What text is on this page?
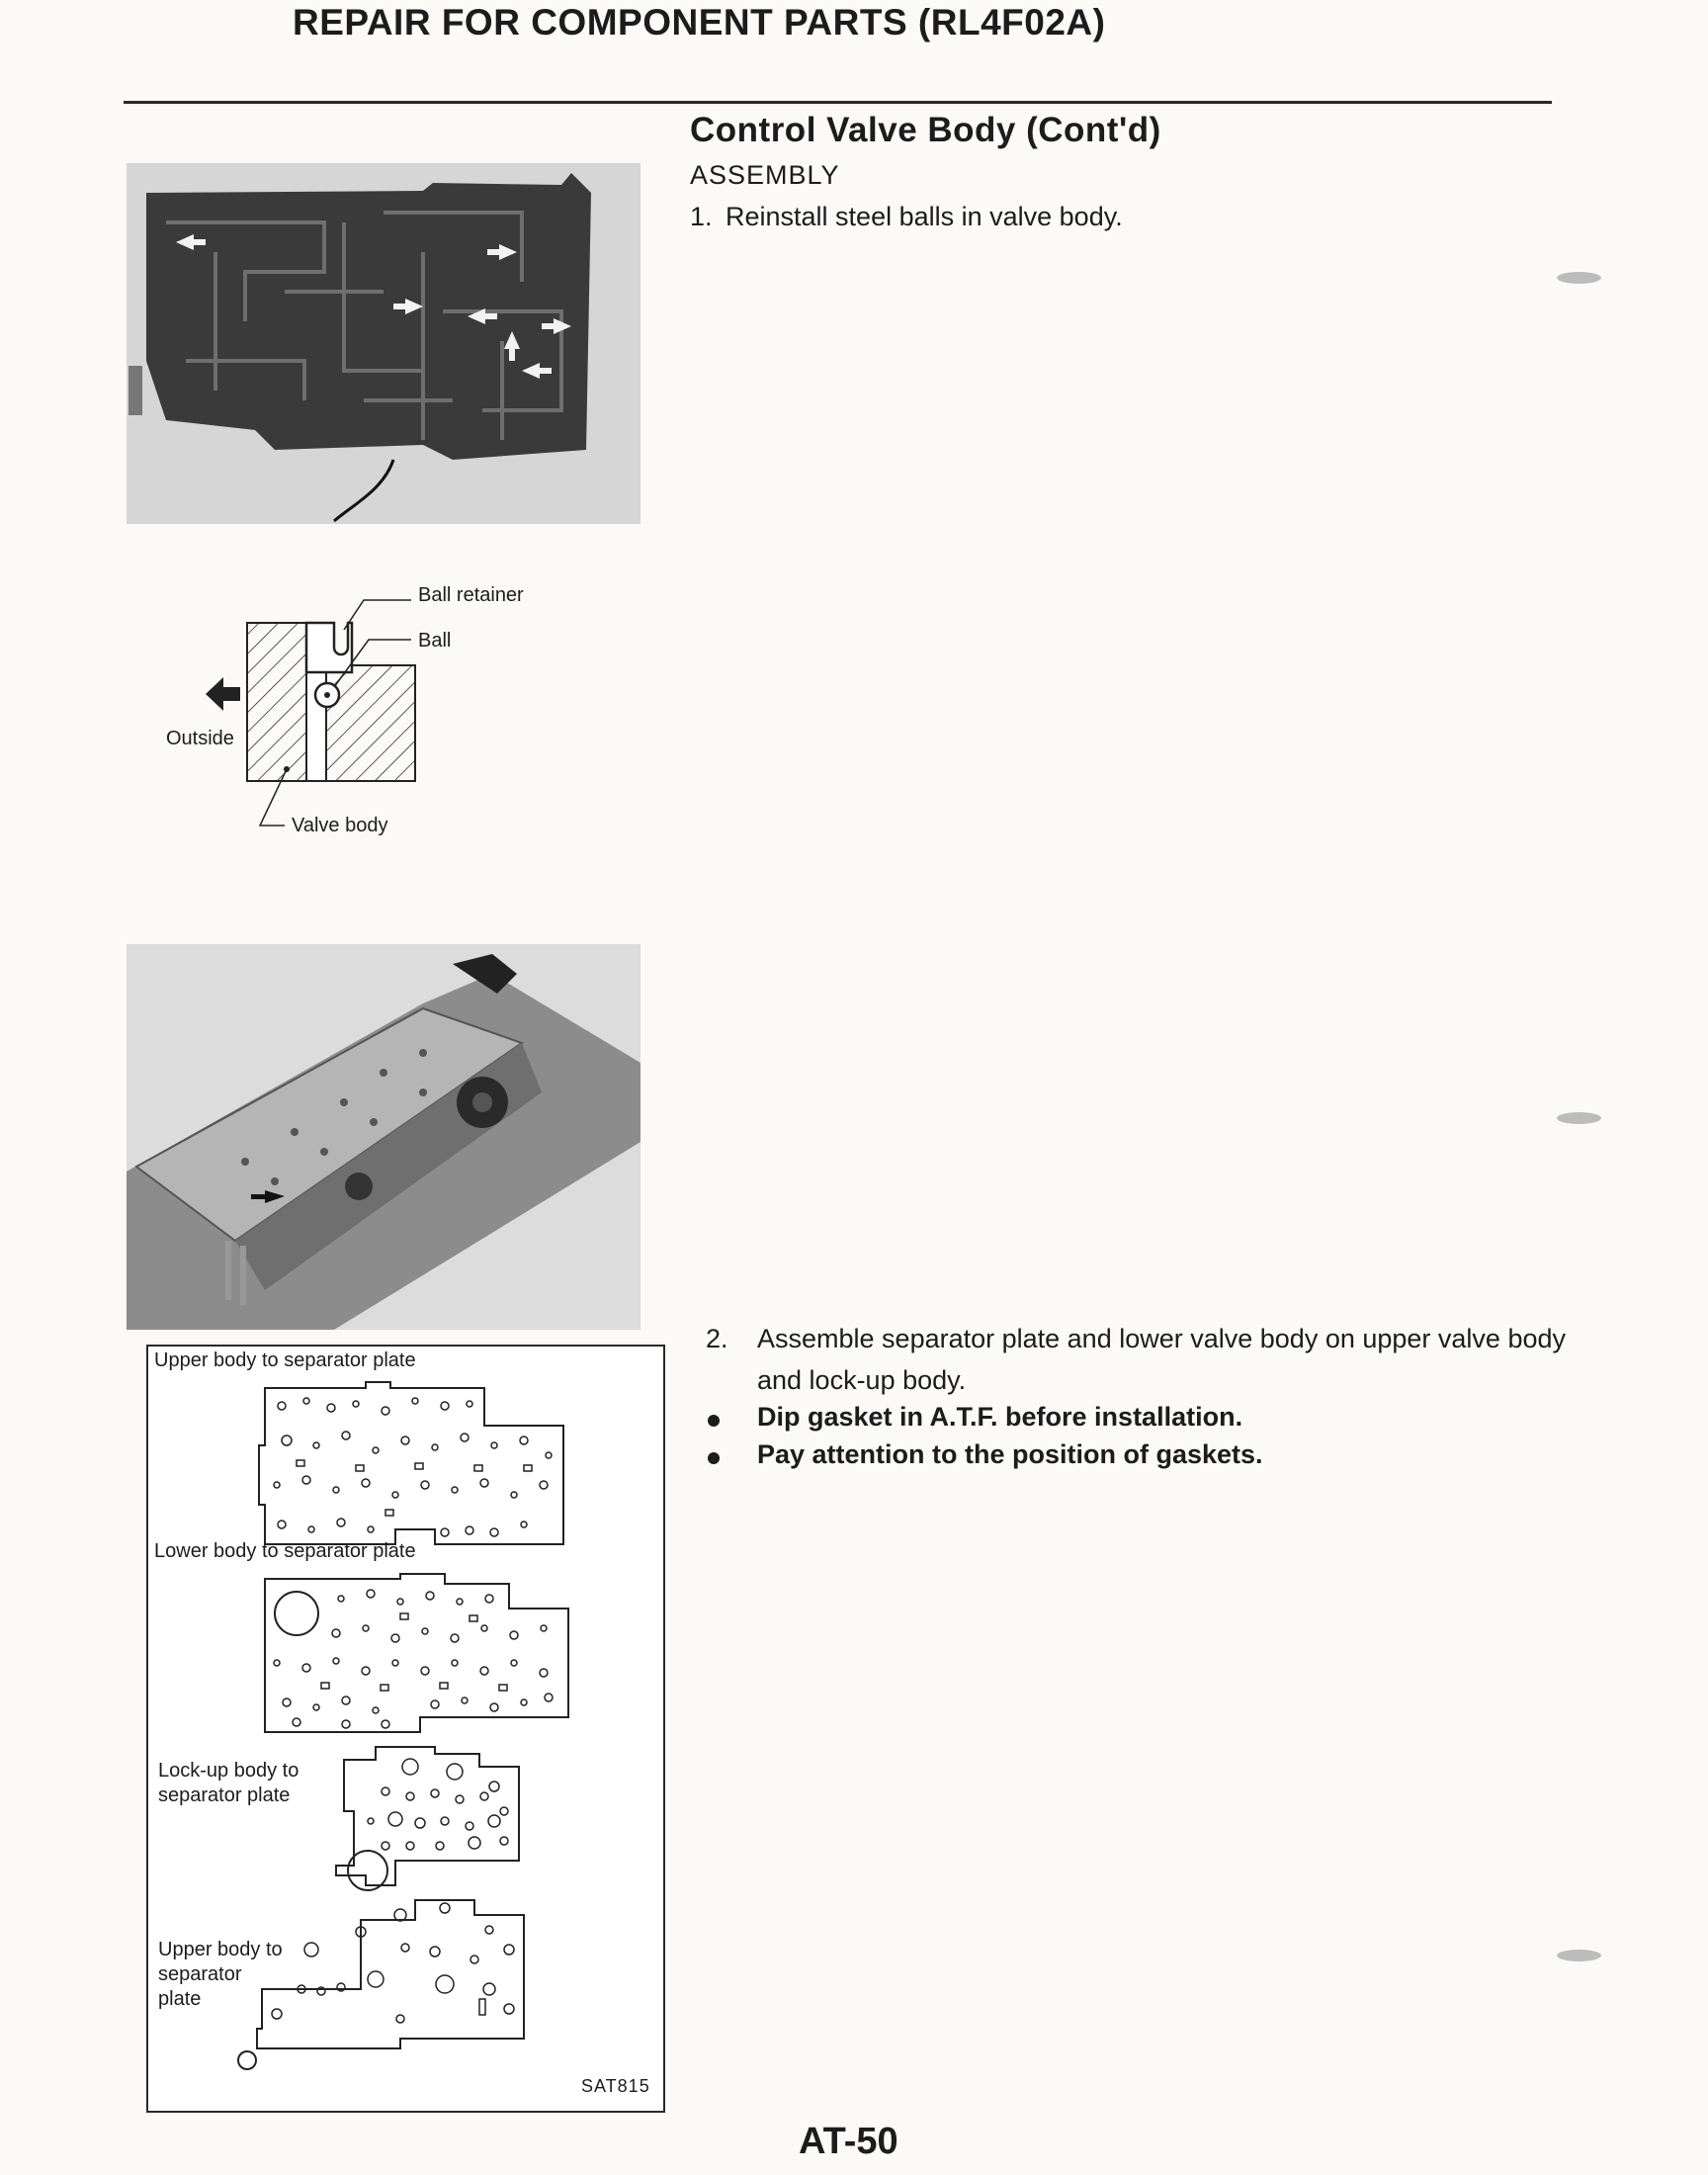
REPAIR FOR COMPONENT PARTS (RL4F02A)
Control Valve Body (Cont'd)
ASSEMBLY
1. Reinstall steel balls in valve body.
2.	Assemble separator plate and lower valve body on upper valve body and lock-up body.
Dip gasket in A.T.F. before installation.
Pay attention to the position of gaskets.
Ball retainer
Ball
Outside
Valve body
Upper body to separator plate
Lower body to separator plate
Lock-up body to
separator plate
Upper body to
separator
plate
SAT815
AT-50
